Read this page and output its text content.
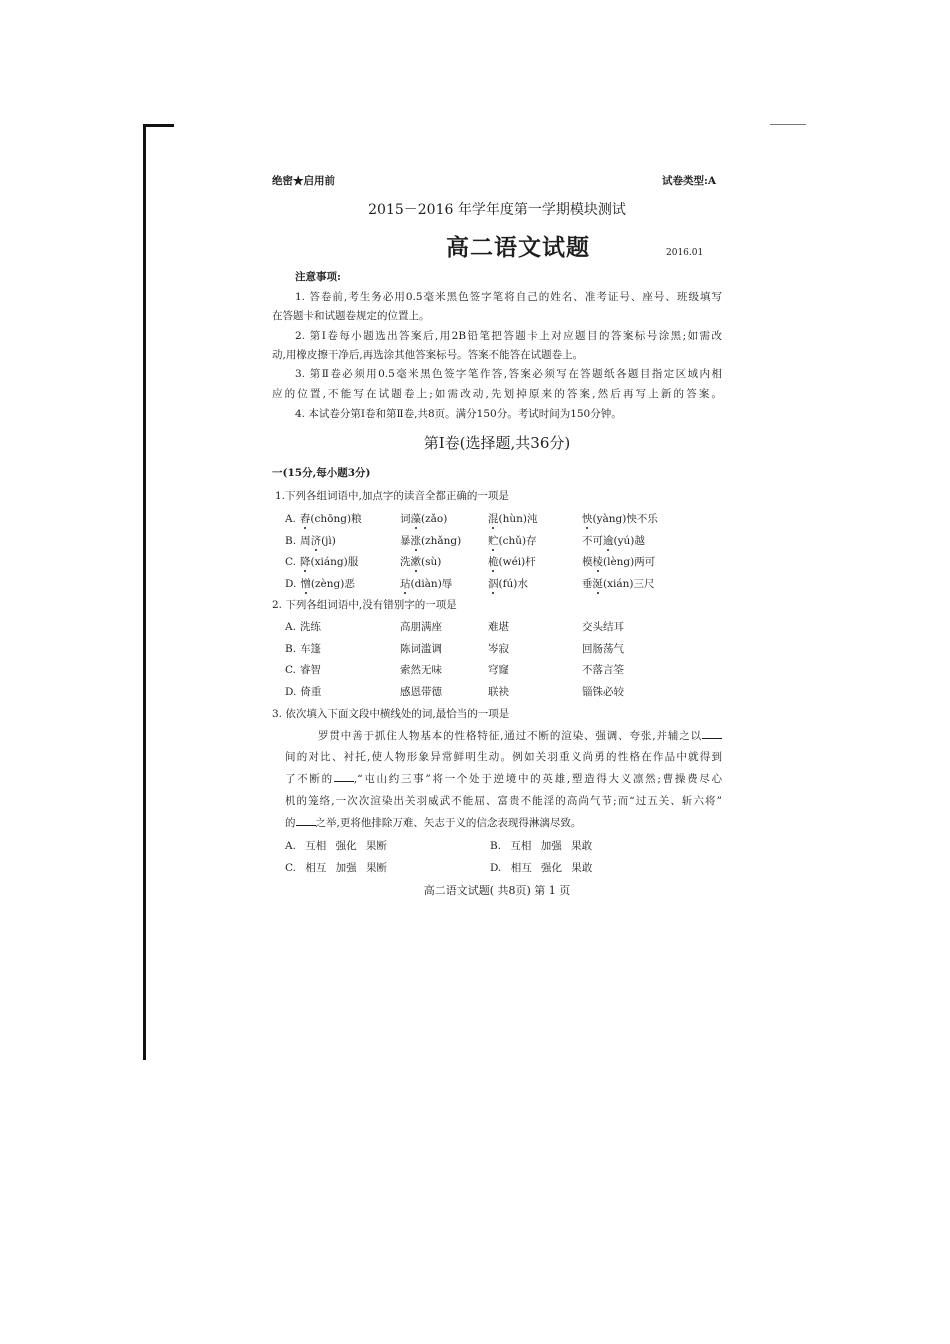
绝密★启用前	试卷类型:A
2015－2016 年学年度第一学期模块测试
高二语文试题	2016.01
注意事项:
1. 答卷前,考生务必用0.5毫米黑色签字笔将自己的姓名、准考证号、座号、班级填写
在答题卡和试题卷规定的位置上。
2. 第Ⅰ卷每小题选出答案后,用2B铅笔把答题卡上对应题目的答案标号涂黑;如需改
动,用橡皮擦干净后,再选涂其他答案标号。答案不能答在试题卷上。
3. 第Ⅱ卷必须用0.5毫米黑色签字笔作答,答案必须写在答题纸各题目指定区域内相
应的位置,不能写在试题卷上;如需改动,先划掉原来的答案,然后再写上新的答案。
4. 本试卷分第Ⅰ卷和第Ⅱ卷,共8页。满分150分。考试时间为150分钟。
第Ⅰ卷(选择题,共36分)
一(15分,每小题3分)
1.下列各组词语中,加点字的读音全都正确的一项是
A. 舂(chōng)粮	词藻(zǎo)	混(hùn)沌	怏(yàng)怏不乐
B. 周济(jì)	暴涨(zhǎng)	贮(chǔ)存	不可逾(yú)越
C. 降(xiáng)服	洗漱(sù)	桅(wéi)杆	模棱(lèng)两可
D. 憎(zèng)恶	玷(diàn)辱	泅(fú)水	垂涎(xián)三尺
2. 下列各组词语中,没有错别字的一项是
A. 洗练	高朋满座	难堪	交头结耳
B. 车篷	陈词滥调	岑寂	回肠荡气
C. 睿智	索然无味	穹窿	不落言筌
D. 倚重	感恩带德	联袂	锱铢必较
3. 依次填入下面文段中横线处的词,最恰当的一项是
罗贯中善于抓住人物基本的性格特征,通过不断的渲染、强调、夸张,并辅之以
间的对比、衬托,使人物形象异常鲜明生动。例如关羽重义尚勇的性格在作品中就得到
了不断的 ,“屯山约三事”将一个处于逆境中的英雄,塑造得大义凛然;曹操费尽心
机的笼络,一次次渲染出关羽威武不能屈、富贵不能淫的高尚气节;而“过五关、斩六将”
的 之举,更将他排除万难、矢志于义的信念表现得淋漓尽致。
A. 互相 强化 果断	B. 互相 加强 果敢
C. 相互 加强 果断	D. 相互 强化 果敢
高二语文试题( 共8页) 第 1 页
